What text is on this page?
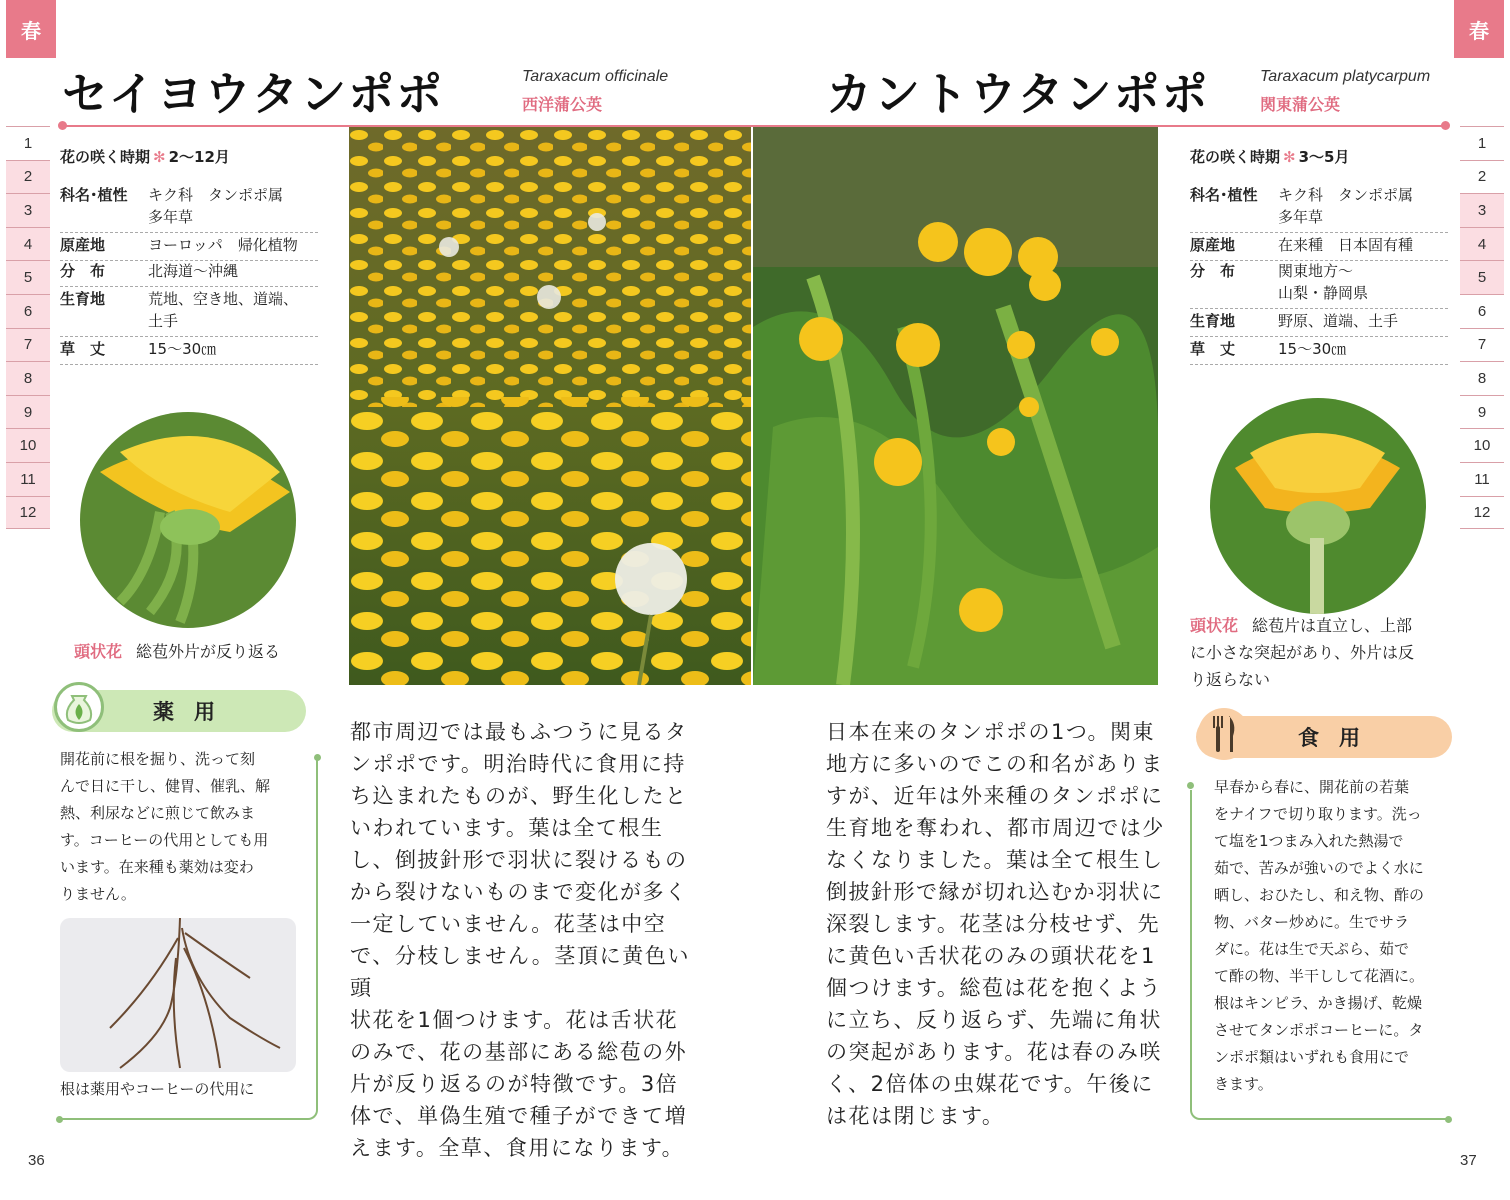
春	春
1
2
3
4
5
6
7
8
9
10
11
12
1
2
3
4
5
6
7
8
9
10
11
12
セイヨウタンポポ	Taraxacum officinale
西洋蒲公英	カントウタンポポ	Taraxacum platycarpum
関東蒲公英
花の咲く時期 ✻ 2～12月
科名･植性	キク科　タンポポ属
多年草
原産地	ヨーロッパ　帰化植物
分　布	北海道～沖縄
生育地	荒地、空き地、道端、
土手
草　丈	15～30㎝
花の咲く時期 ✻ 3～5月
科名･植性	キク科　タンポポ属
多年草
原産地	在来種　日本固有種
分　布	関東地方～
山梨・静岡県
生育地	野原、道端、土手
草　丈	15～30㎝
頭状花 総苞外片が反り返る
頭状花 総苞片は直立し、上部
に小さな突起があり、外片は反
り返らない
薬用
開花前に根を掘り、洗って刻
んで日に干し、健胃、催乳、解
熱、利尿などに煎じて飲みま
す。コーヒーの代用としても用
います。在来種も薬効は変わ
りません。
根は薬用やコーヒーの代用に
食用
早春から春に、開花前の若葉
をナイフで切り取ります。洗っ
て塩を1つまみ入れた熱湯で
茹で、苦みが強いのでよく水に
晒し、おひたし、和え物、酢の
物、バター炒めに。生でサラ
ダに。花は生で天ぷら、茹で
て酢の物、半干しして花酒に。
根はキンピラ、かき揚げ、乾燥
させてタンポポコーヒーに。タ
ンポポ類はいずれも食用にで
きます。
都市周辺では最もふつうに見るタ
ンポポです。明治時代に食用に持
ち込まれたものが、野生化したと
いわれています。葉は全て根生
し、倒披針形で羽状に裂けるもの
から裂けないものまで変化が多く
一定していません。花茎は中空
で、分枝しません。茎頂に黄色い頭
状花を1個つけます。花は舌状花
のみで、花の基部にある総苞の外
片が反り返るのが特徴です。3倍
体で、単偽生殖で種子ができて増
えます。全草、食用になります。
日本在来のタンポポの1つ。関東
地方に多いのでこの和名がありま
すが、近年は外来種のタンポポに
生育地を奪われ、都市周辺では少
なくなりました。葉は全て根生し
倒披針形で縁が切れ込むか羽状に
深裂します。花茎は分枝せず、先
に黄色い舌状花のみの頭状花を1
個つけます。総苞は花を抱くよう
に立ち、反り返らず、先端に角状
の突起があります。花は春のみ咲
く、2倍体の虫媒花です。午後に
は花は閉じます。
36	37
